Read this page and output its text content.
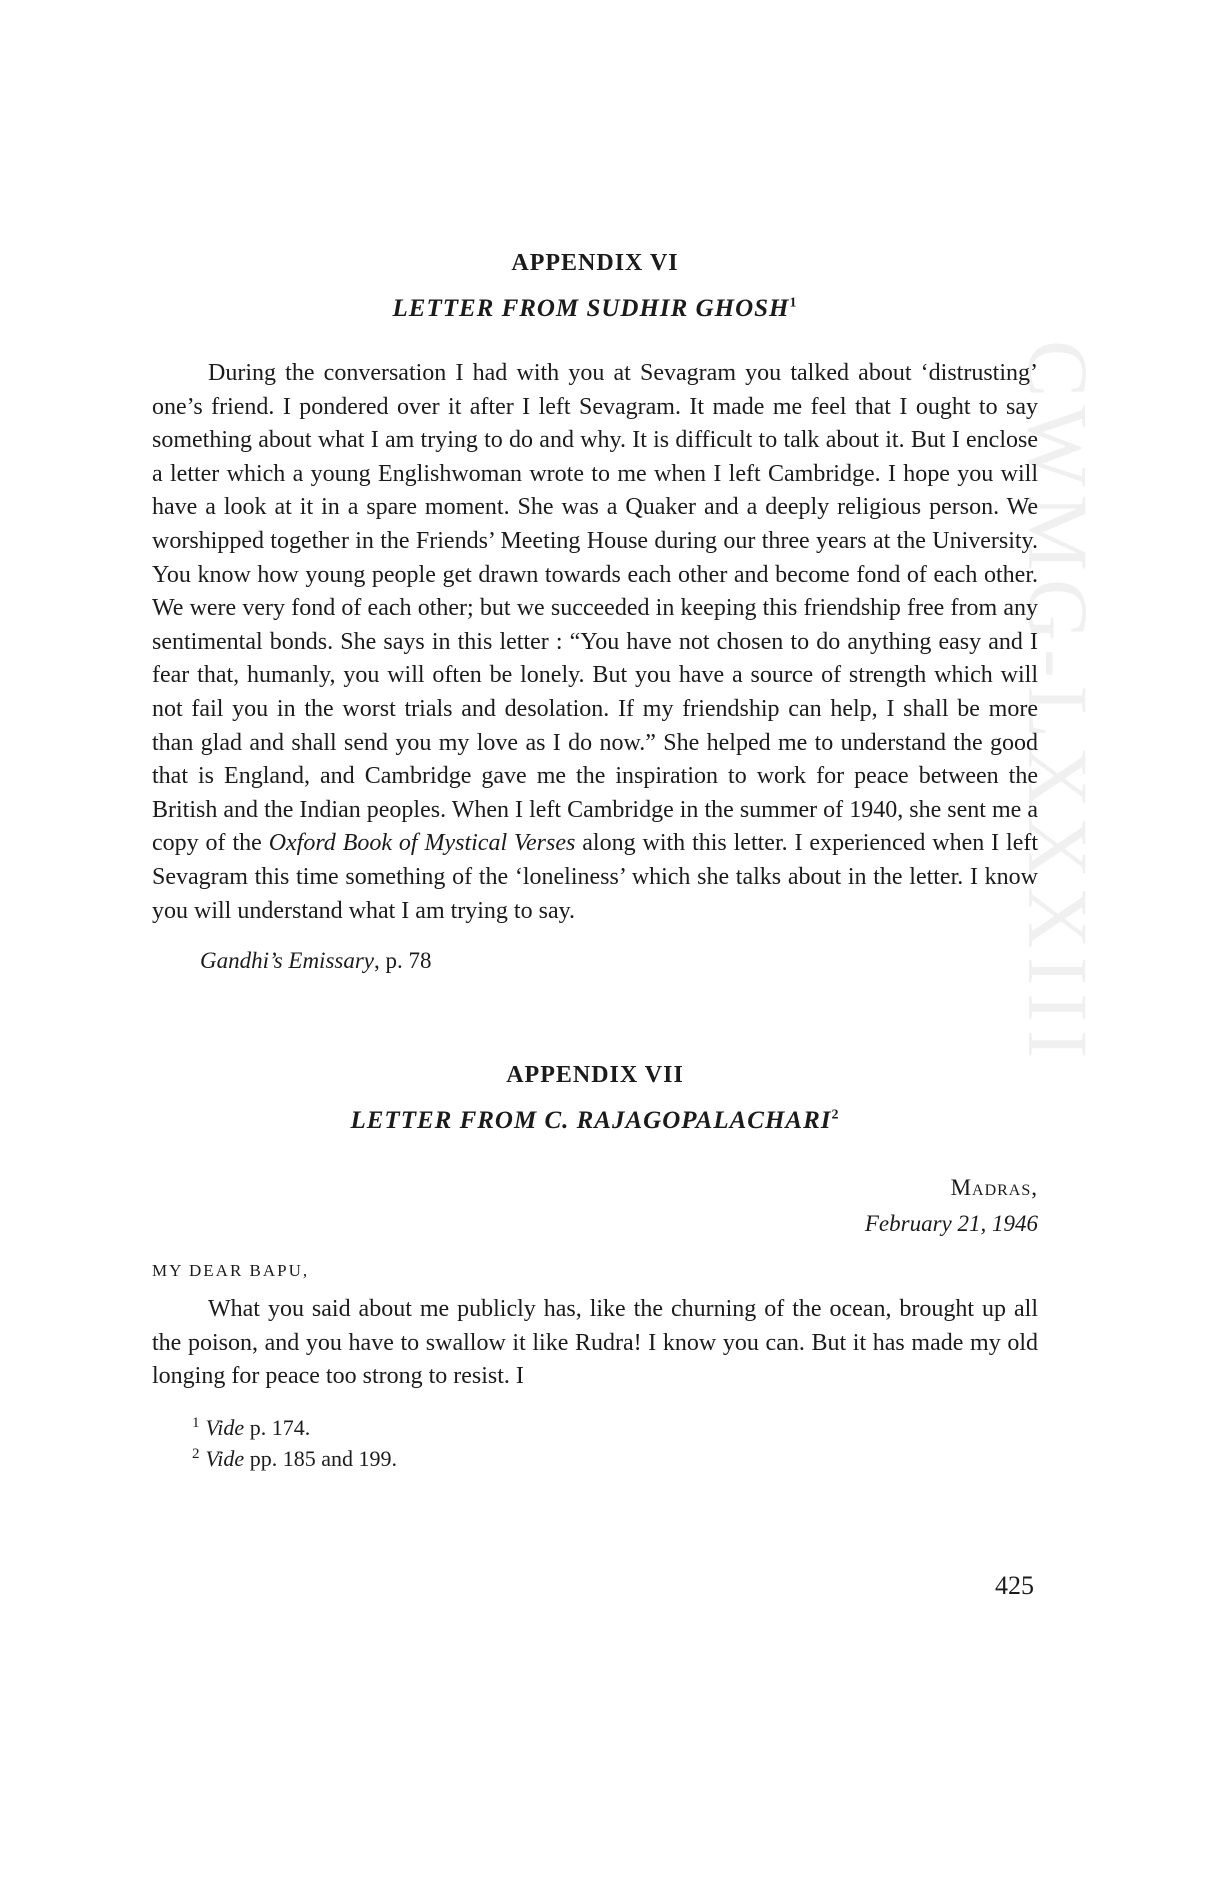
CWMG-LXXXIII
APPENDIX VI
LETTER FROM SUDHIR GHOSH$^1$

During the conversation I had with you at Sevagram you talked about ‘distrusting’ one’s friend. I pondered over it after I left Sevagram. It made me feel that I ought to say something about what I am trying to do and why. It is difficult to talk about it. But I enclose a letter which a young Englishwoman wrote to me when I left Cambridge. I hope you will have a look at it in a spare moment. She was a Quaker and a deeply religious person. We worshipped together in the Friends’ Meeting House during our three years at the University. You know how young people get drawn towards each other and become fond of each other. We were very fond of each other; but we succeeded in keeping this friendship free from any sentimental bonds. She says in this letter : “You have not chosen to do anything easy and I fear that, humanly, you will often be lonely. But you have a source of strength which will not fail you in the worst trials and desolation. If my friendship can help, I shall be more than glad and shall send you my love as I do now.” She helped me to understand the good that is England, and Cambridge gave me the inspiration to work for peace between the British and the Indian peoples. When I left Cambridge in the summer of 1940, she sent me a copy of the Oxford Book of Mystical Verses along with this letter. I experienced when I left Sevagram this time something of the ‘loneliness’ which she talks about in the letter. I know you will understand what I am trying to say.

Gandhi’s Emissary, p. 78

APPENDIX VII
LETTER FROM C. RAJAGOPALACHARI$^2$

Madras,

February 21, 1946

MY DEAR BAPU,

What you said about me publicly has, like the churning of the ocean, brought up all the poison, and you have to swallow it like Rudra! I know you can. But it has made my old longing for peace too strong to resist. I

$^1$ Vide p. 174.
$^2$ Vide pp. 185 and 199.
425
